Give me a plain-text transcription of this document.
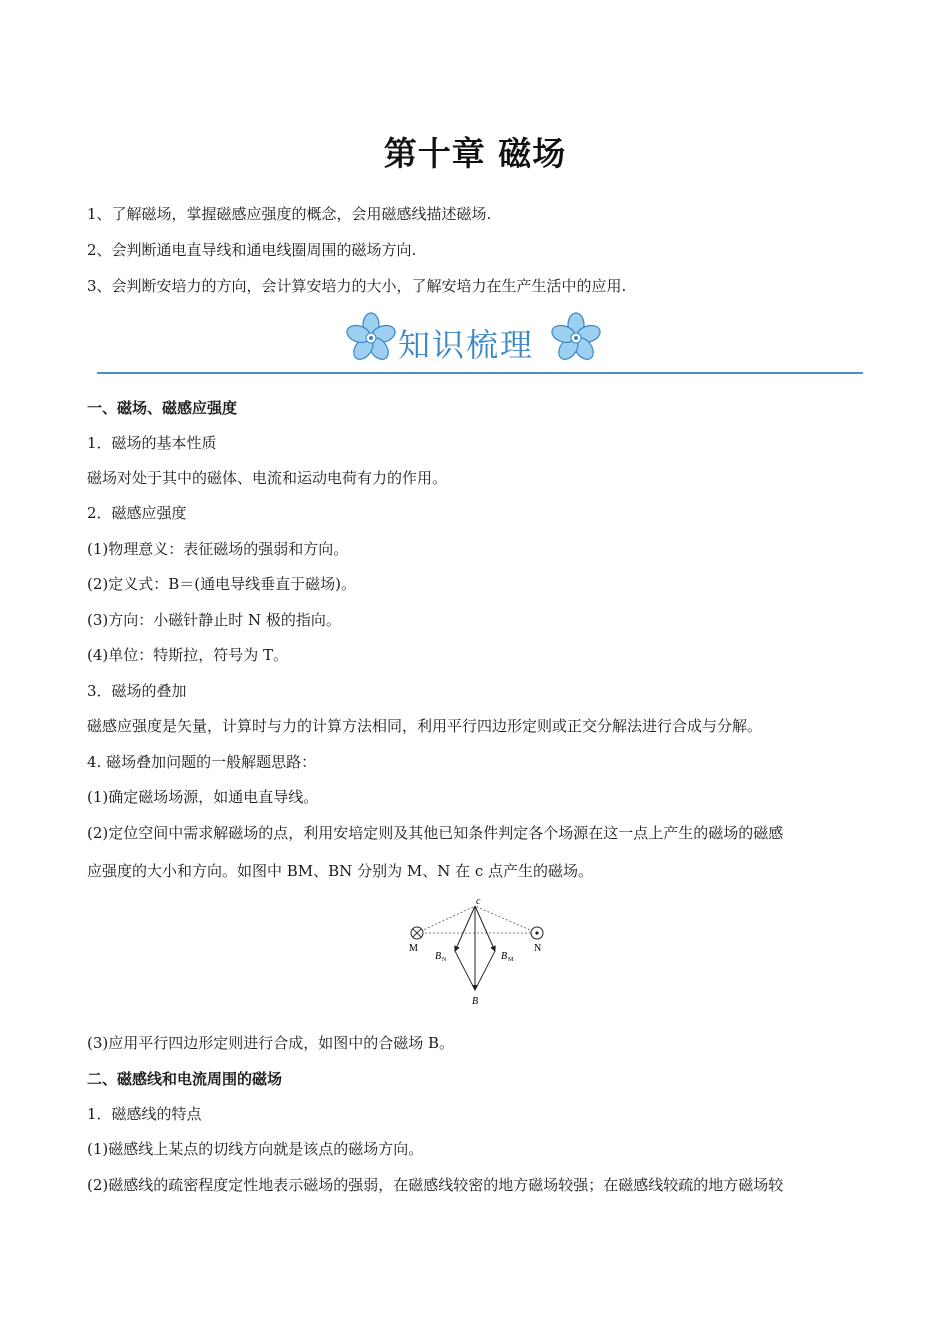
第十章 磁场
1、了解磁场，掌握磁感应强度的概念，会用磁感线描述磁场.
2、会判断通电直导线和通电线圈周围的磁场方向.
3、会判断安培力的方向，会计算安培力的大小，了解安培力在生产生活中的应用.
知识梳理
一、磁场、磁感应强度
1．磁场的基本性质
磁场对处于其中的磁体、电流和运动电荷有力的作用。
2．磁感应强度
(1)物理意义：表征磁场的强弱和方向。
(2)定义式：B＝(通电导线垂直于磁场)。
(3)方向：小磁针静止时 N 极的指向。
(4)单位：特斯拉，符号为 T。
3．磁场的叠加
磁感应强度是矢量，计算时与力的计算方法相同，利用平行四边形定则或正交分解法进行合成与分解。
4. 磁场叠加问题的一般解题思路：
(1)确定磁场场源，如通电直导线。
(2)定位空间中需求解磁场的点，利用安培定则及其他已知条件判定各个场源在这一点上产生的磁场的磁感
应强度的大小和方向。如图中 BM、BN 分别为 M、N 在 c 点产生的磁场。
c
M	N
B N	B M
B
(3)应用平行四边形定则进行合成，如图中的合磁场 B。
二、磁感线和电流周围的磁场
1．磁感线的特点
(1)磁感线上某点的切线方向就是该点的磁场方向。
(2)磁感线的疏密程度定性地表示磁场的强弱，在磁感线较密的地方磁场较强；在磁感线较疏的地方磁场较
